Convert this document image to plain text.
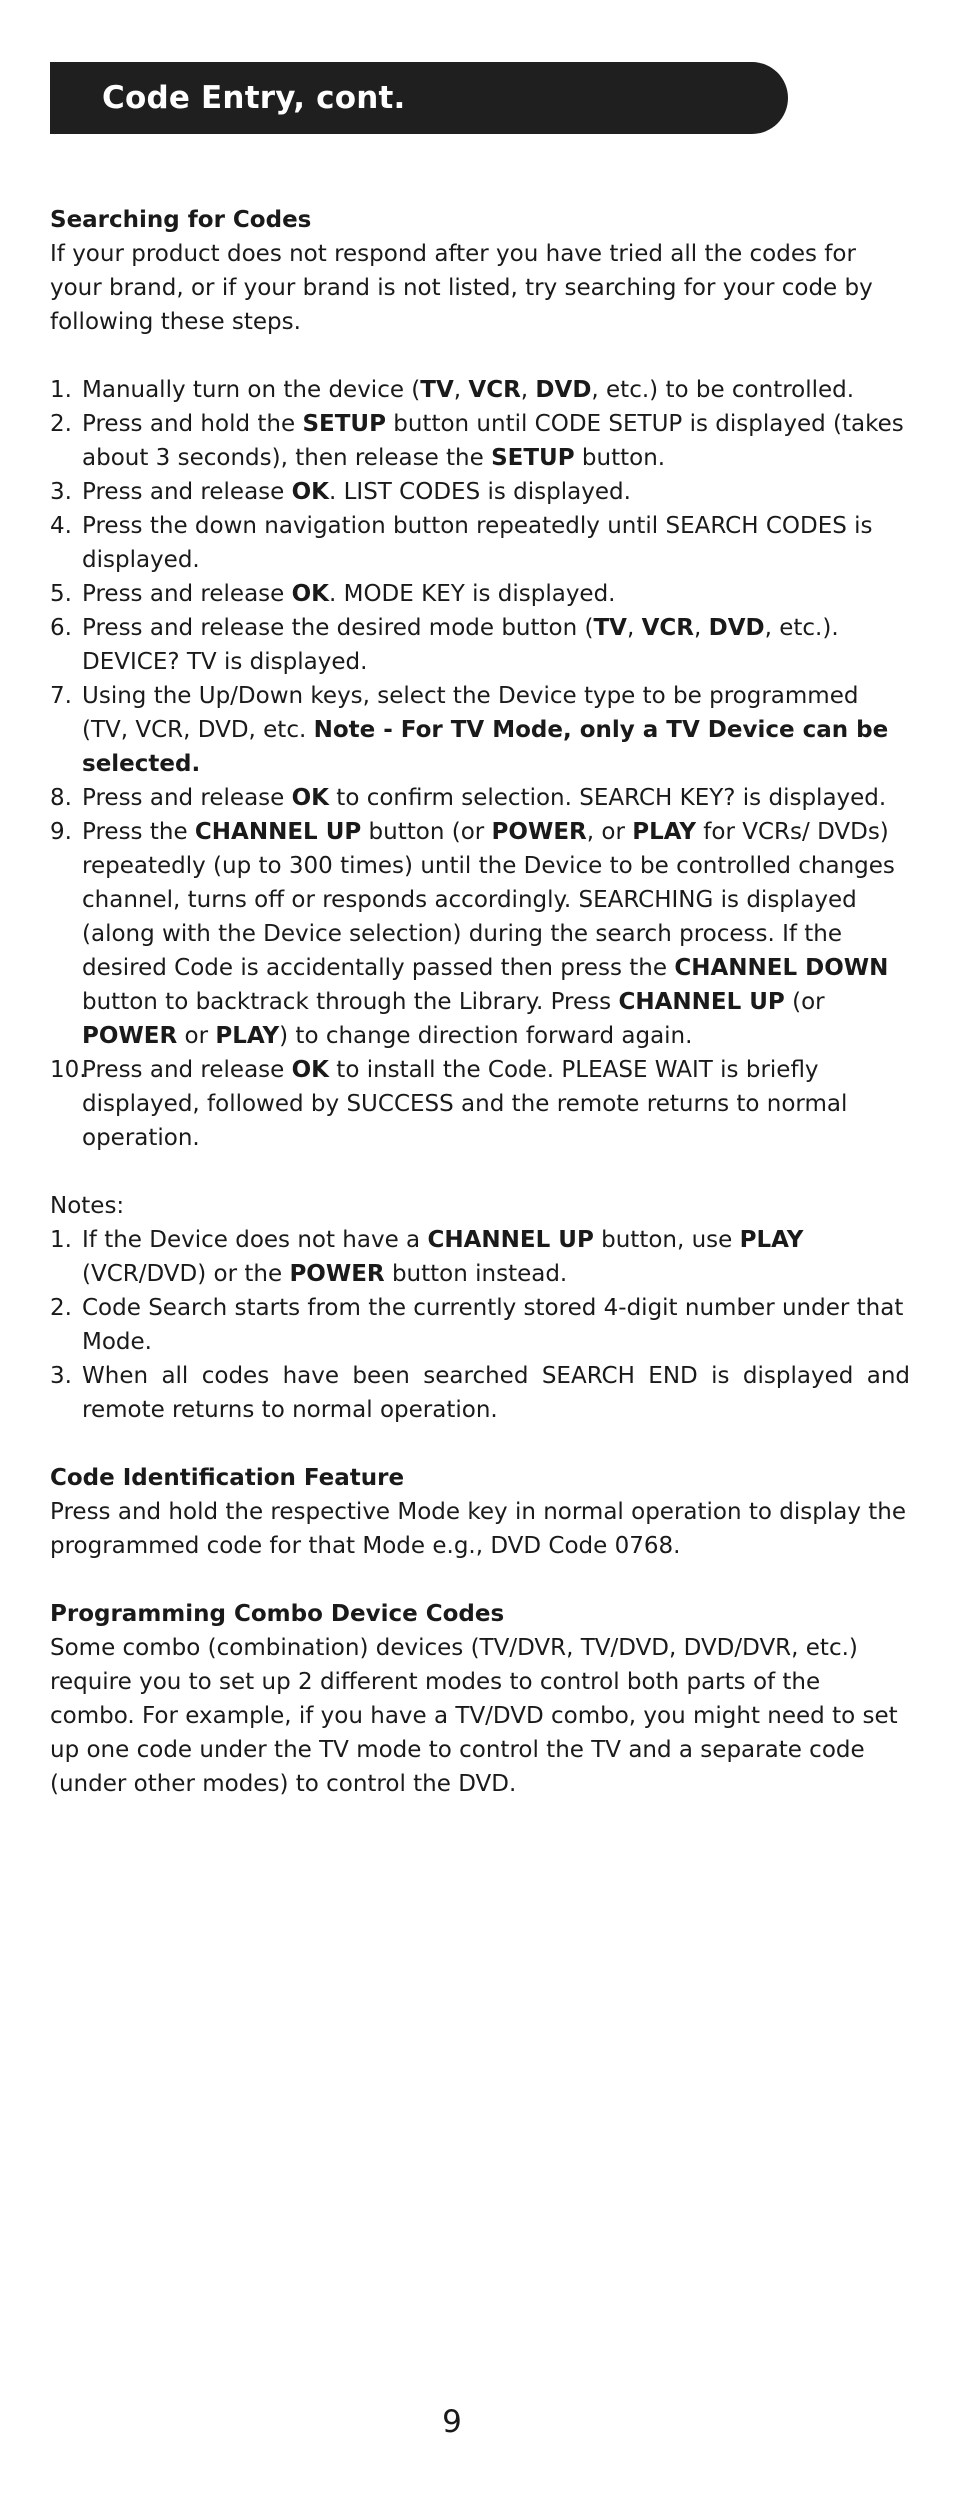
Code Entry, cont.
Searching for Codes

If your product does not respond after you have tried all the codes for your brand, or if your brand is not listed, try searching for your code by following these steps.

1. Manually turn on the device (TV, VCR, DVD, etc.) to be controlled.
2. Press and hold the SETUP button until CODE SETUP is displayed (takes about 3 seconds), then release the SETUP button.
3. Press and release OK. LIST CODES is displayed.
4. Press the down navigation button repeatedly until SEARCH CODES is displayed.
5. Press and release OK. MODE KEY is displayed.
6. Press and release the desired mode button (TV, VCR, DVD, etc.). DEVICE? TV is displayed.
7. Using the Up/Down keys, select the Device type to be programmed (TV, VCR, DVD, etc. Note - For TV Mode, only a TV Device can be selected.
8. Press and release OK to confirm selection. SEARCH KEY? is displayed.
9. Press the CHANNEL UP button (or POWER, or PLAY for VCRs/ DVDs) repeatedly (up to 300 times) until the Device to be controlled changes channel, turns off or responds accordingly. SEARCHING is displayed (along with the Device selection) during the search process. If the desired Code is accidentally passed then press the CHANNEL DOWN button to backtrack through the Library. Press CHANNEL UP (or POWER or PLAY) to change direction forward again.
10.
Press and release OK to install the Code. PLEASE WAIT is briefly displayed, followed by SUCCESS and the remote returns to normal operation.

Notes:

1. If the Device does not have a CHANNEL UP button, use PLAY (VCR/DVD) or the POWER button instead.
2. Code Search starts from the currently stored 4-digit number under that Mode.
3. When all codes have been searched SEARCH END is displayed and remote returns to normal operation.
Code Identification Feature

Press and hold the respective Mode key in normal operation to display the programmed code for that Mode e.g., DVD Code 0768.

Programming Combo Device Codes

Some combo (combination) devices (TV/DVR, TV/DVD, DVD/DVR, etc.) require you to set up 2 different modes to control both parts of the combo. For example, if you have a TV/DVD combo, you might need to set up one code under the TV mode to control the TV and a separate code (under other modes) to control the DVD.

9
